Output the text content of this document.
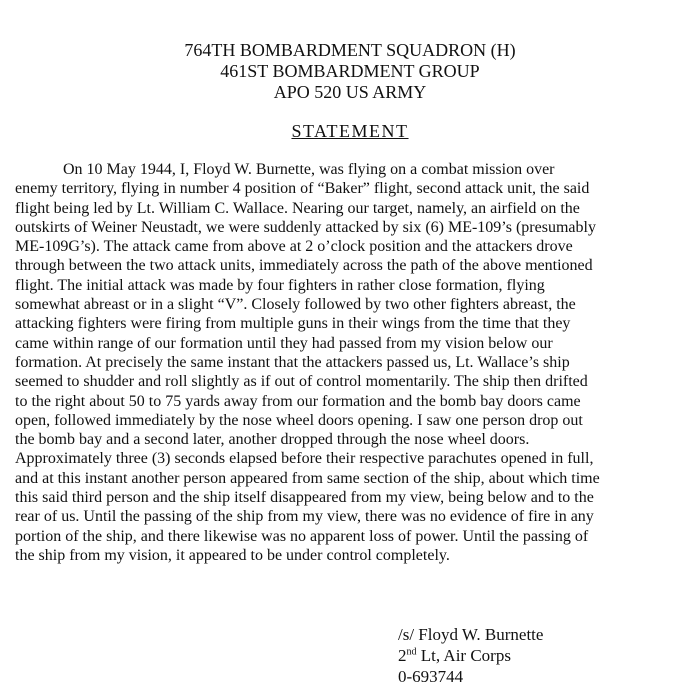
764TH BOMBARDMENT SQUADRON (H)
461ST BOMBARDMENT GROUP
APO 520 US ARMY
STATEMENT
On 10 May 1944, I, Floyd W. Burnette, was flying on a combat mission over
enemy territory, flying in number 4 position of “Baker” flight, second attack unit, the said
flight being led by Lt. William C. Wallace. Nearing our target, namely, an airfield on the
outskirts of Weiner Neustadt, we were suddenly attacked by six (6) ME-109’s (presumably
ME-109G’s). The attack came from above at 2 o’clock position and the attackers drove
through between the two attack units, immediately across the path of the above mentioned
flight. The initial attack was made by four fighters in rather close formation, flying
somewhat abreast or in a slight “V”. Closely followed by two other fighters abreast, the
attacking fighters were firing from multiple guns in their wings from the time that they
came within range of our formation until they had passed from my vision below our
formation. At precisely the same instant that the attackers passed us, Lt. Wallace’s ship
seemed to shudder and roll slightly as if out of control momentarily. The ship then drifted
to the right about 50 to 75 yards away from our formation and the bomb bay doors came
open, followed immediately by the nose wheel doors opening. I saw one person drop out
the bomb bay and a second later, another dropped through the nose wheel doors.
Approximately three (3) seconds elapsed before their respective parachutes opened in full,
and at this instant another person appeared from same section of the ship, about which time
this said third person and the ship itself disappeared from my view, being below and to the
rear of us. Until the passing of the ship from my view, there was no evidence of fire in any
portion of the ship, and there likewise was no apparent loss of power. Until the passing of
the ship from my vision, it appeared to be under control completely.
/s/ Floyd W. Burnette
2nd Lt, Air Corps
0-693744
